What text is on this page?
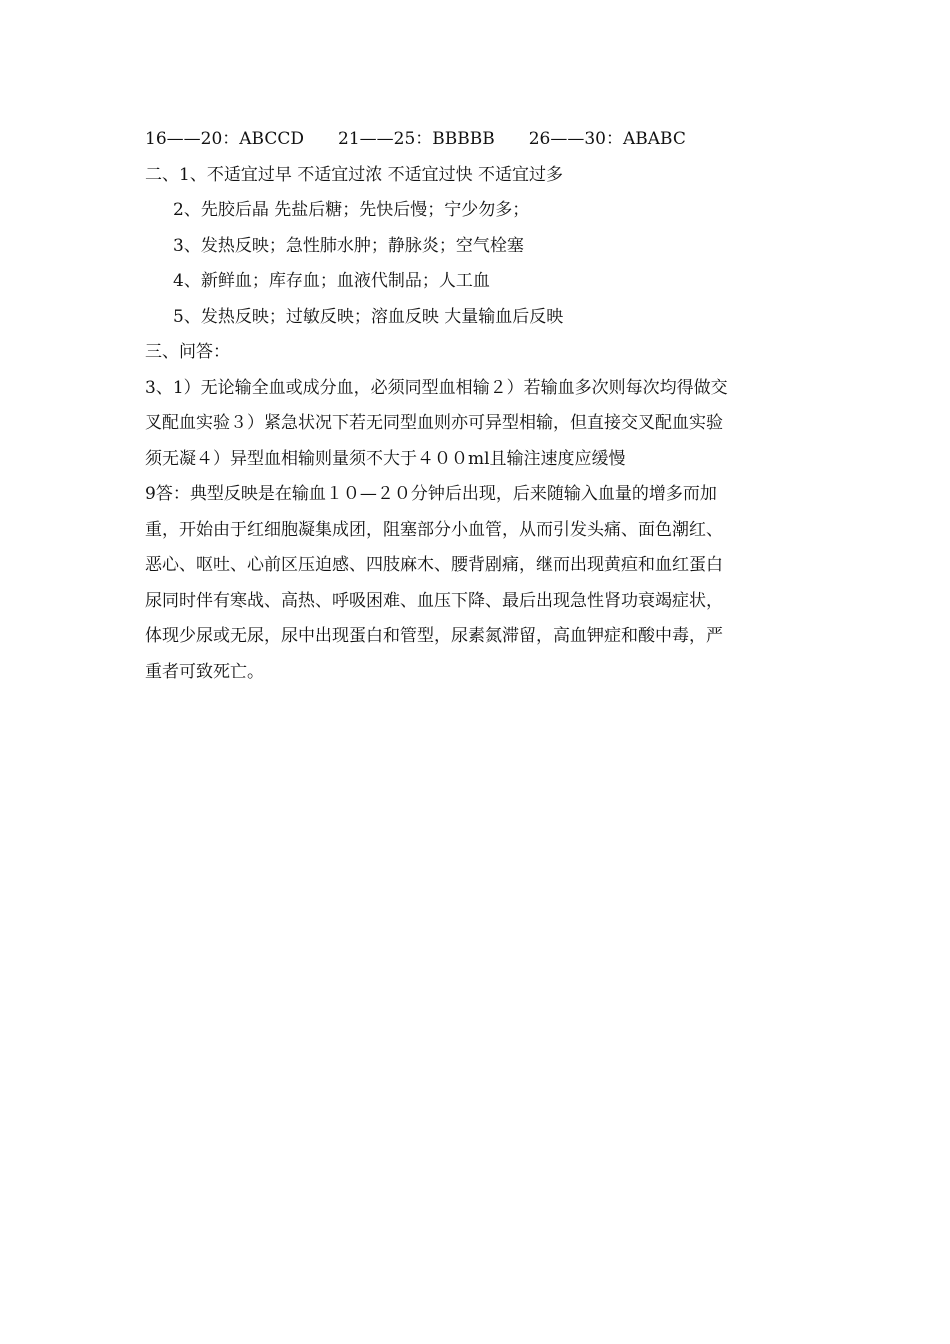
16——20：ABCCD 21——25：BBBBB 26——30：ABABC
二、1、不适宜过早 不适宜过浓 不适宜过快 不适宜过多
2、先胶后晶 先盐后糖；先快后慢；宁少勿多；
3、发热反映；急性肺水肿；静脉炎；空气栓塞
4、新鲜血；库存血；血液代制品；人工血
5、发热反映；过敏反映；溶血反映 大量输血后反映
三、问答：
3、1）无论输全血或成分血，必须同型血相输２）若输血多次则每次均得做交
叉配血实验３）紧急状况下若无同型血则亦可异型相输，但直接交叉配血实验
须无凝４）异型血相输则量须不大于４００ml且输注速度应缓慢
9答：典型反映是在输血１０—２０分钟后出现，后来随输入血量的增多而加
重，开始由于红细胞凝集成团，阻塞部分小血管，从而引发头痛、面色潮红、
恶心、呕吐、心前区压迫感、四肢麻木、腰背剧痛，继而出现黄疸和血红蛋白
尿同时伴有寒战、高热、呼吸困难、血压下降、最后出现急性肾功衰竭症状，
体现少尿或无尿，尿中出现蛋白和管型，尿素氮滞留，高血钾症和酸中毒，严
重者可致死亡。
